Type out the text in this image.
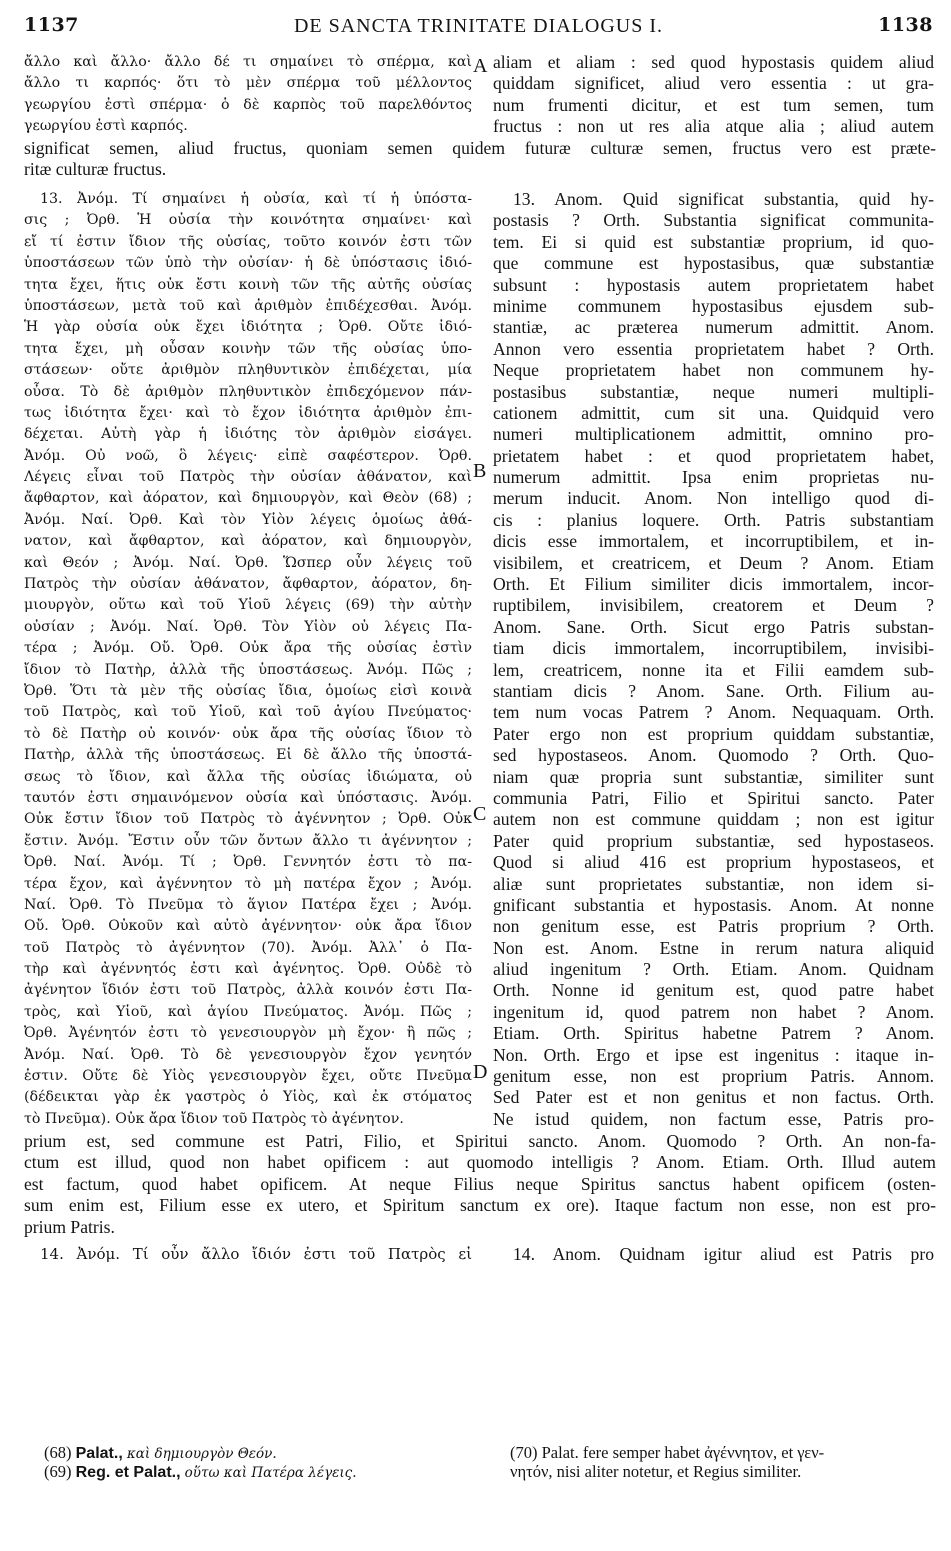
1137	DE SANCTA TRINITATE DIALOGUS I.	1138
ἄλλο καὶ ἄλλο· ἄλλο δέ τι σημαίνει τὸ σπέρμα, καὶ
ἄλλο τι καρπός· ὅτι τὸ μὲν σπέρμα τοῦ μέλλοντος
γεωργίου ἐστὶ σπέρμα· ὁ δὲ καρπὸς τοῦ παρελθόντος
γεωργίου ἐστὶ καρπός.
A aliam et aliam : sed quod hypostasis quidem aliud
quiddam significet, aliud vero essentia : ut gra-
num frumenti dicitur, et est tum semen, tum
fructus : non ut res alia atque alia ; aliud autem
significat semen, aliud fructus, quoniam semen quidem futuræ culturæ semen, fructus vero est præte-
ritæ culturæ fructus.
13. Ἀνόμ. Τί σημαίνει ἡ οὐσία, καὶ τί ἡ ὑπόστα-
σις ; Ὀρθ. Ἡ οὐσία τὴν κοινότητα σημαίνει· καὶ
εἴ τί ἐστιν ἴδιον τῆς οὐσίας, τοῦτο κοινόν ἐστι τῶν
ὑποστάσεων τῶν ὑπὸ τὴν οὐσίαν· ἡ δὲ ὑπόστασις ἰδιό-
τητα ἔχει, ἥτις οὐκ ἔστι κοινὴ τῶν τῆς αὐτῆς οὐσίας
ὑποστάσεων, μετὰ τοῦ καὶ ἀριθμὸν ἐπιδέχεσθαι. Ἀνόμ.
Ἡ γὰρ οὐσία οὐκ ἔχει ἰδιότητα ; Ὀρθ. Οὔτε ἰδιό-
τητα ἔχει, μὴ οὖσαν κοινὴν τῶν τῆς οὐσίας ὑπο-
στάσεων· οὔτε ἀριθμὸν πληθυντικὸν ἐπιδέχεται, μία
οὖσα. Τὸ δὲ ἀριθμὸν πληθυντικὸν ἐπιδεχόμενον πάν-
τως ἰδιότητα ἔχει· καὶ τὸ ἔχον ἰδιότητα ἀριθμὸν ἐπι-
δέχεται. Αὐτὴ γὰρ ἡ ἰδιότης τὸν ἀριθμὸν εἰσάγει.
Ἀνόμ. Οὐ νοῶ, ὃ λέγεις· εἰπὲ σαφέστερον. Ὀρθ.
Λέγεις εἶναι τοῦ Πατρὸς τὴν οὐσίαν ἀθάνατον, καὶ
ἄφθαρτον, καὶ ἀόρατον, καὶ δημιουργὸν, καὶ Θεὸν (68) ;
Ἀνόμ. Ναί. Ὀρθ. Καὶ τὸν Υἱὸν λέγεις ὁμοίως ἀθά-
νατον, καὶ ἄφθαρτον, καὶ ἀόρατον, καὶ δημιουργὸν,
καὶ Θεόν ; Ἀνόμ. Ναί. Ὀρθ. Ὥσπερ οὖν λέγεις τοῦ
Πατρὸς τὴν οὐσίαν ἀθάνατον, ἄφθαρτον, ἀόρατον, δη-
μιουργὸν, οὕτω καὶ τοῦ Υἱοῦ λέγεις (69) τὴν αὐτὴν
οὐσίαν ; Ἀνόμ. Ναί. Ὀρθ. Τὸν Υἱὸν οὐ λέγεις Πα-
τέρα ; Ἀνόμ. Οὔ. Ὀρθ. Οὐκ ἄρα τῆς οὐσίας ἐστὶν
ἴδιον τὸ Πατὴρ, ἀλλὰ τῆς ὑποστάσεως. Ἀνόμ. Πῶς ;
Ὀρθ. Ὅτι τὰ μὲν τῆς οὐσίας ἴδια, ὁμοίως εἰσὶ κοινὰ
τοῦ Πατρὸς, καὶ τοῦ Υἱοῦ, καὶ τοῦ ἁγίου Πνεύματος·
τὸ δὲ Πατὴρ οὐ κοινόν· οὐκ ἄρα τῆς οὐσίας ἴδιον τὸ
Πατὴρ, ἀλλὰ τῆς ὑποστάσεως. Εἰ δὲ ἄλλο τῆς ὑποστά-
σεως τὸ ἴδιον, καὶ ἄλλα τῆς οὐσίας ἰδιώματα, οὐ
ταυτόν ἐστι σημαινόμενον οὐσία καὶ ὑπόστασις. Ἀνόμ.
Οὐκ ἔστιν ἴδιον τοῦ Πατρὸς τὸ ἀγέννητον ; Ὀρθ. Οὐκ
ἔστιν. Ἀνόμ. Ἔστιν οὖν τῶν ὄντων ἄλλο τι ἀγέννητον ;
Ὀρθ. Ναί. Ἀνόμ. Τί ; Ὀρθ. Γεννητόν ἐστι τὸ πα-
τέρα ἔχον, καὶ ἀγέννητον τὸ μὴ πατέρα ἔχον ; Ἀνόμ.
Ναί. Ὀρθ. Τὸ Πνεῦμα τὸ ἅγιον Πατέρα ἔχει ; Ἀνόμ.
Οὔ. Ὀρθ. Οὐκοῦν καὶ αὐτὸ ἀγέννητον· οὐκ ἄρα ἴδιον
τοῦ Πατρὸς τὸ ἀγέννητον (70). Ἀνόμ. Ἀλλ᾽ ὁ Πα-
τὴρ καὶ ἀγέννητός ἐστι καὶ ἀγένητος. Ὀρθ. Οὐδὲ τὸ
ἀγένητον ἴδιόν ἐστι τοῦ Πατρὸς, ἀλλὰ κοινόν ἐστι Πα-
τρὸς, καὶ Υἱοῦ, καὶ ἁγίου Πνεύματος. Ἀνόμ. Πῶς ;
Ὀρθ. Ἀγένητόν ἐστι τὸ γενεσιουργὸν μὴ ἔχον· ἢ πῶς ;
Ἀνόμ. Ναί. Ὀρθ. Τὸ δὲ γενεσιουργὸν ἔχον γενητόν
ἐστιν. Οὔτε δὲ Υἱὸς γενεσιουργὸν ἔχει, οὔτε Πνεῦμα
(δέδεικται γὰρ ἐκ γαστρὸς ὁ Υἱὸς, καὶ ἐκ στόματος
τὸ Πνεῦμα). Οὐκ ἄρα ἴδιον τοῦ Πατρὸς τὸ ἀγένητον.
B
C
D
13. Anom. Quid significat substantia, quid hy-
postasis ? Orth. Substantia significat communita-
tem. Ei si quid est substantiæ proprium, id quo-
que commune est hypostasibus, quæ substantiæ
subsunt : hypostasis autem proprietatem habet
minime communem hypostasibus ejusdem sub-
stantiæ, ac præterea numerum admittit. Anom.
Annon vero essentia proprietatem habet ? Orth.
Neque proprietatem habet non communem hy-
postasibus substantiæ, neque numeri multipli-
cationem admittit, cum sit una. Quidquid vero
numeri multiplicationem admittit, omnino pro-
prietatem habet : et quod proprietatem habet,
numerum admittit. Ipsa enim proprietas nu-
merum inducit. Anom. Non intelligo quod di-
cis : planius loquere. Orth. Patris substantiam
dicis esse immortalem, et incorruptibilem, et in-
visibilem, et creatricem, et Deum ? Anom. Etiam
Orth. Et Filium similiter dicis immortalem, incor-
ruptibilem, invisibilem, creatorem et Deum ?
Anom. Sane. Orth. Sicut ergo Patris substan-
tiam dicis immortalem, incorruptibilem, invisibi-
lem, creatricem, nonne ita et Filii eamdem sub-
stantiam dicis ? Anom. Sane. Orth. Filium au-
tem num vocas Patrem ? Anom. Nequaquam. Orth.
Pater ergo non est proprium quiddam substantiæ,
sed hypostaseos. Anom. Quomodo ? Orth. Quo-
niam quæ propria sunt substantiæ, similiter sunt
communia Patri, Filio et Spiritui sancto. Pater
autem non est commune quiddam ; non est igitur
Pater quid proprium substantiæ, sed hypostaseos.
Quod si aliud 416 est proprium hypostaseos, et
aliæ sunt proprietates substantiæ, non idem si-
gnificant substantia et hypostasis. Anom. At nonne
non genitum esse, est Patris proprium ? Orth.
Non est. Anom. Estne in rerum natura aliquid
aliud ingenitum ? Orth. Etiam. Anom. Quidnam
Orth. Nonne id genitum est, quod patre habet
ingenitum id, quod patrem non habet ? Anom.
Etiam. Orth. Spiritus habetne Patrem ? Anom.
Non. Orth. Ergo et ipse est ingenitus : itaque in-
genitum esse, non est proprium Patris. Annom.
Sed Pater est et non genitus et non factus. Orth.
Ne istud quidem, non factum esse, Patris pro-
prium est, sed commune est Patri, Filio, et Spiritui sancto. Anom. Quomodo ? Orth. An non-fa-
ctum est illud, quod non habet opificem : aut quomodo intelligis ? Anom. Etiam. Orth. Illud autem
est factum, quod habet opificem. At neque Filius neque Spiritus sanctus habent opificem (osten-
sum enim est, Filium esse ex utero, et Spiritum sanctum ex ore). Itaque factum non esse, non est pro-
prium Patris.
14. Ἀνόμ. Τί οὖν ἄλλο ἴδιόν ἐστι τοῦ Πατρὸς εἰ	14. Anom. Quidnam igitur aliud est Patris pro
(68) Palat., καὶ δημιουργὸν Θεόν.
(69) Reg. et Palat., οὕτω καὶ Πατέρα λέγεις.
(70) Palat. fere semper habet ἀγέννητον, et γεν-
νητόν, nisi aliter notetur, et Regius similiter.
